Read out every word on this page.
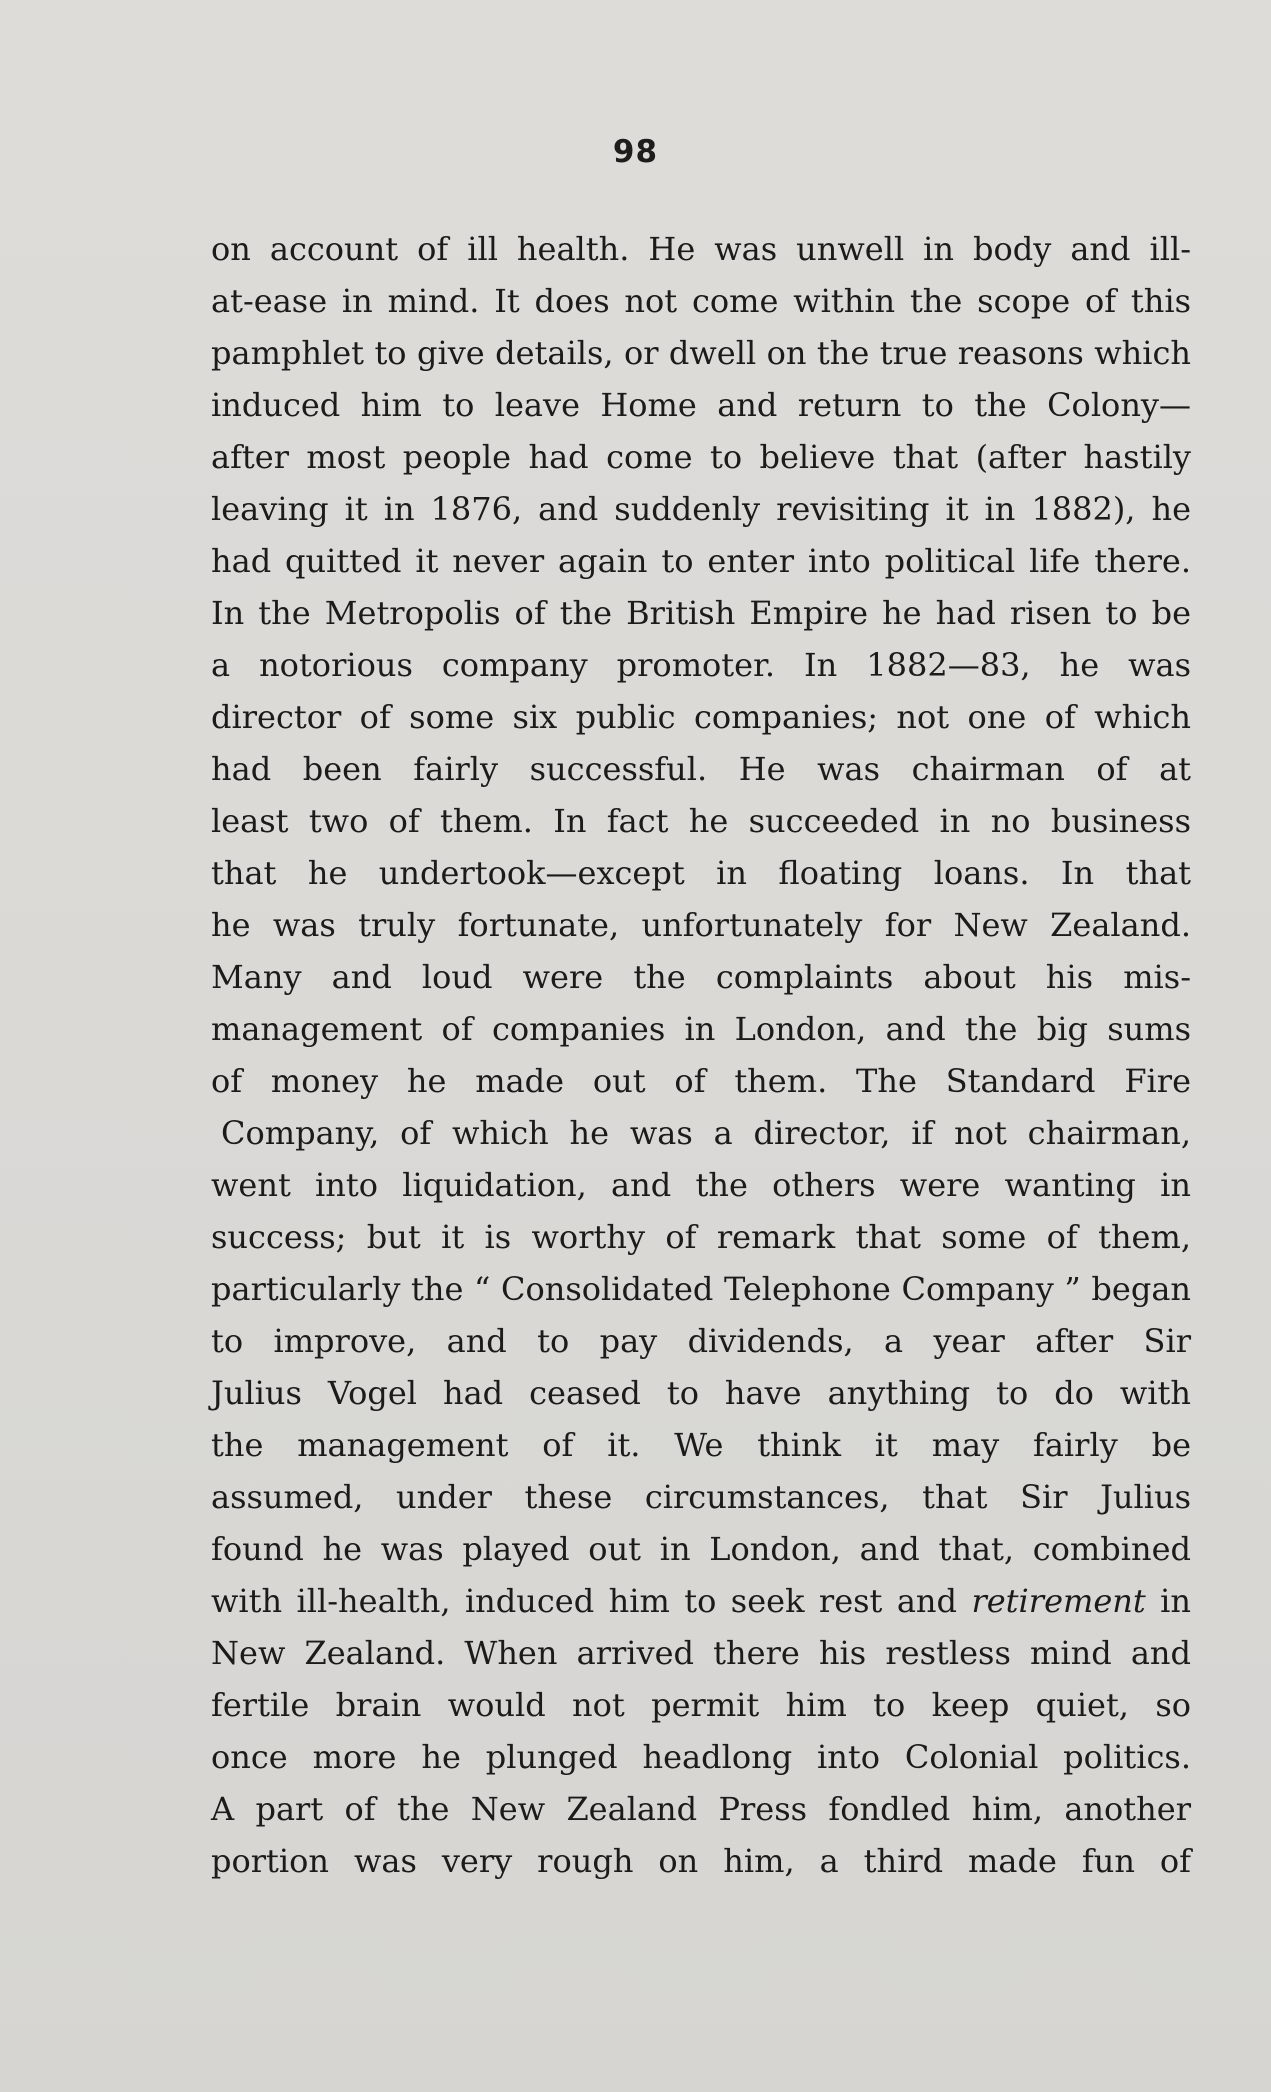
98
on account of ill health. He was unwell in body and ill-
at-ease in mind. It does not come within the scope of this
pamphlet to give details, or dwell on the true reasons which
induced him to leave Home and return to the Colony—
after most people had come to believe that (after hastily
leaving it in 1876, and suddenly revisiting it in 1882), he
had quitted it never again to enter into political life there.
In the Metropolis of the British Empire he had risen to be
a notorious company promoter. In 1882—83, he was
director of some six public companies; not one of which
had been fairly successful. He was chairman of at
least two of them. In fact he succeeded in no business
that he undertook—except in floating loans. In that
he was truly fortunate, unfortunately for New Zealand.
Many and loud were the complaints about his mis-
management of companies in London, and the big sums
of money he made out of them. The Standard Fire
Company, of which he was a director, if not chairman,
went into liquidation, and the others were wanting in
success; but it is worthy of remark that some of them,
particularly the “ Consolidated Telephone Company ” began
to improve, and to pay dividends, a year after Sir
Julius Vogel had ceased to have anything to do with
the management of it. We think it may fairly be
assumed, under these circumstances, that Sir Julius
found he was played out in London, and that, combined
with ill-health, induced him to seek rest and retirement in
New Zealand. When arrived there his restless mind and
fertile brain would not permit him to keep quiet, so
once more he plunged headlong into Colonial politics.
A part of the New Zealand Press fondled him, another
portion was very rough on him, a third made fun of
